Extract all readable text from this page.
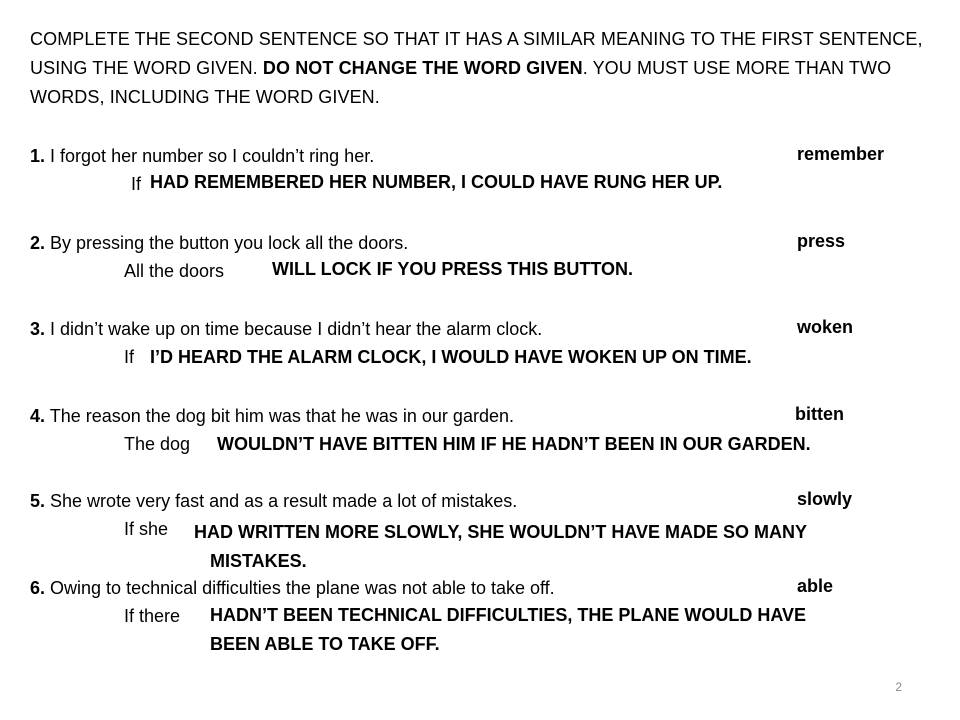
COMPLETE THE SECOND SENTENCE SO THAT IT HAS A SIMILAR MEANING TO THE FIRST SENTENCE, USING THE WORD GIVEN. DO NOT CHANGE THE WORD GIVEN. YOU MUST USE MORE THAN TWO WORDS, INCLUDING THE WORD GIVEN.
1. I forgot her number so I couldn’t ring her.	remember
If HAD REMEMBERED HER NUMBER, I COULD HAVE RUNG HER UP.
2. By pressing the button you lock all the doors.	press
All the doors	WILL LOCK IF YOU PRESS THIS BUTTON.
3. I didn’t wake up on time because I didn’t hear the alarm clock.	woken
If I’D HEARD THE ALARM CLOCK, I WOULD HAVE WOKEN UP ON TIME.
4. The reason the dog bit him was that he was in our garden.	bitten
The dog WOULDN’T HAVE BITTEN HIM IF HE HADN’T BEEN IN OUR GARDEN.
5. She wrote very fast and as a result made a lot of mistakes.	slowly
If she HAD WRITTEN MORE SLOWLY, SHE WOULDN’T HAVE MADE SO MANY
MISTAKES.
6. Owing to technical difficulties the plane was not able to take off.	able
If there HADN’T BEEN TECHNICAL DIFFICULTIES, THE PLANE WOULD HAVE
BEEN ABLE TO TAKE OFF.
2
